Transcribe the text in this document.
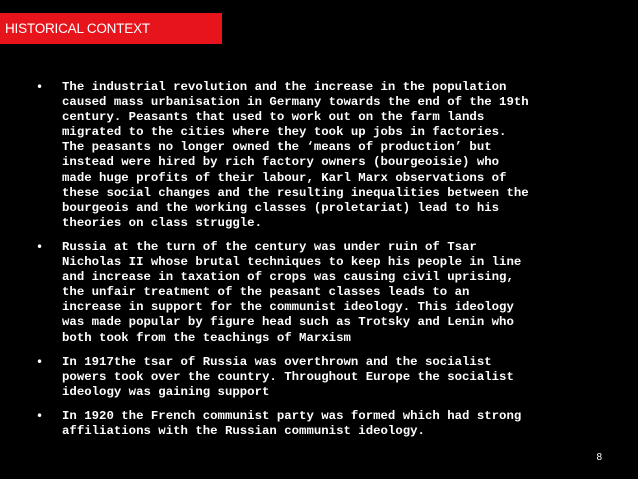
HISTORICAL CONTEXT
• The industrial revolution and the increase in the population
caused mass urbanisation in Germany towards the end of the 19th
century. Peasants that used to work out on the farm lands
migrated to the cities where they took up jobs in factories.
The peasants no longer owned the ‘means of production’ but
instead were hired by rich factory owners (bourgeoisie) who
made huge profits of their labour, Karl Marx observations of
these social changes and the resulting inequalities between the
bourgeois and the working classes (proletariat) lead to his
theories on class struggle.
• Russia at the turn of the century was under ruin of Tsar
Nicholas II whose brutal techniques to keep his people in line
and increase in taxation of crops was causing civil uprising,
the unfair treatment of the peasant classes leads to an
increase in support for the communist ideology. This ideology
was made popular by figure head such as Trotsky and Lenin who
both took from the teachings of Marxism
• In 1917the tsar of Russia was overthrown and the socialist
powers took over the country. Throughout Europe the socialist
ideology was gaining support
• In 1920 the French communist party was formed which had strong
affiliations with the Russian communist ideology.
8
